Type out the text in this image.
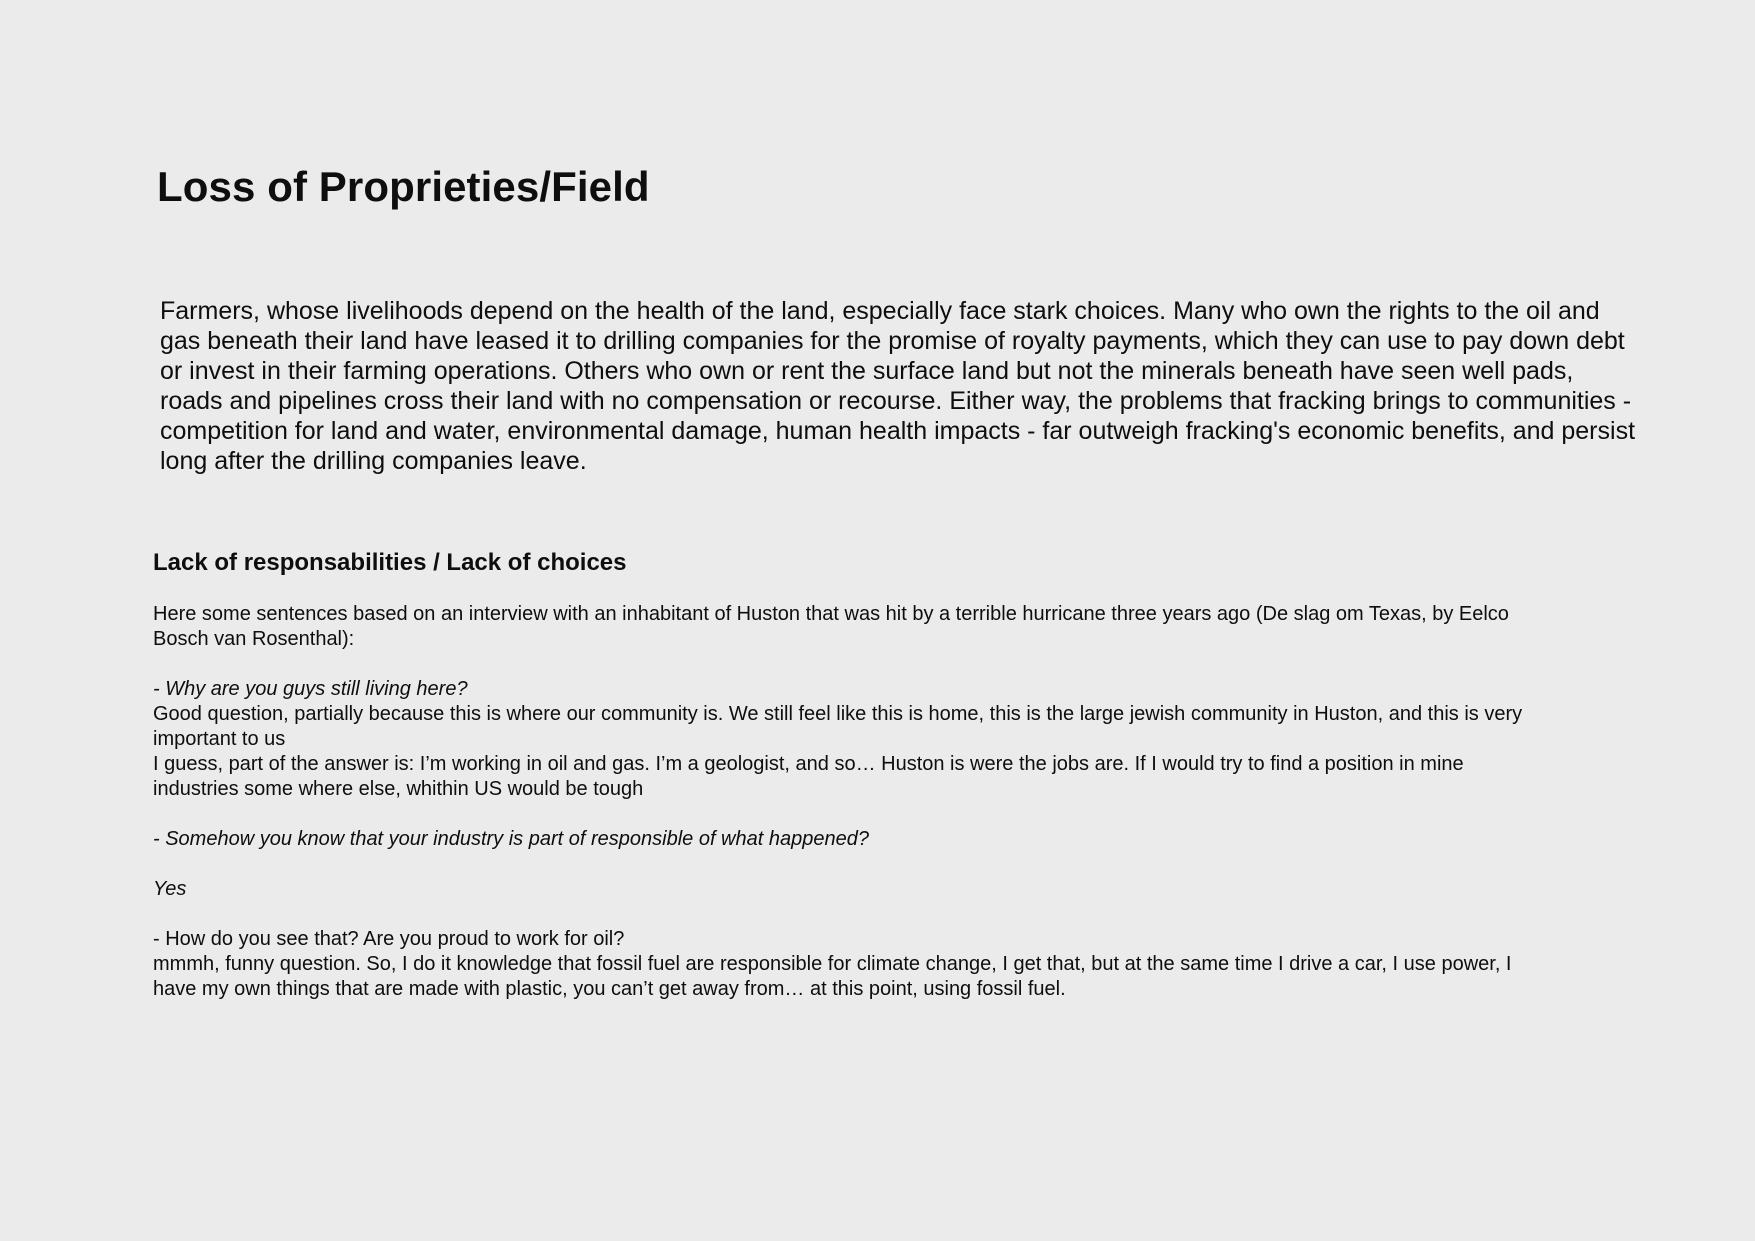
Loss of Proprieties/Field

Farmers, whose livelihoods depend on the health of the land, especially face stark choices. Many who own the rights to the oil and gas beneath their land have leased it to drilling companies for the promise of royalty payments, which they can use to pay down debt or invest in their farming operations. Others who own or rent the surface land but not the minerals beneath have seen well pads, roads and pipelines cross their land with no compensation or recourse. Either way, the problems that fracking brings to communities - competition for land and water, environmental damage, human health impacts - far outweigh fracking's economic benefits, and persist long after the drilling companies leave.

Lack of responsabilities / Lack of choices

Here some sentences based on an interview with an inhabitant of Huston that was hit by a terrible hurricane three years ago (De slag om Texas, by Eelco Bosch van Rosenthal):

- Why are you guys still living here?
Good question, partially because this is where our community is. We still feel like this is home, this is the large jewish community in Huston, and this is very important to us
I guess, part of the answer is: I’m working in oil and gas. I’m a geologist, and so… Huston is were the jobs are. If I would try to find a position in mine industries some where else, whithin US would be tough

- Somehow you know that your industry is part of responsible of what happened?

Yes

- How do you see that? Are you proud to work for oil?
mmmh, funny question. So, I do it knowledge that fossil fuel are responsible for climate change, I get that, but at the same time I drive a car, I use power, I have my own things that are made with plastic, you can’t get away from… at this point, using fossil fuel.
